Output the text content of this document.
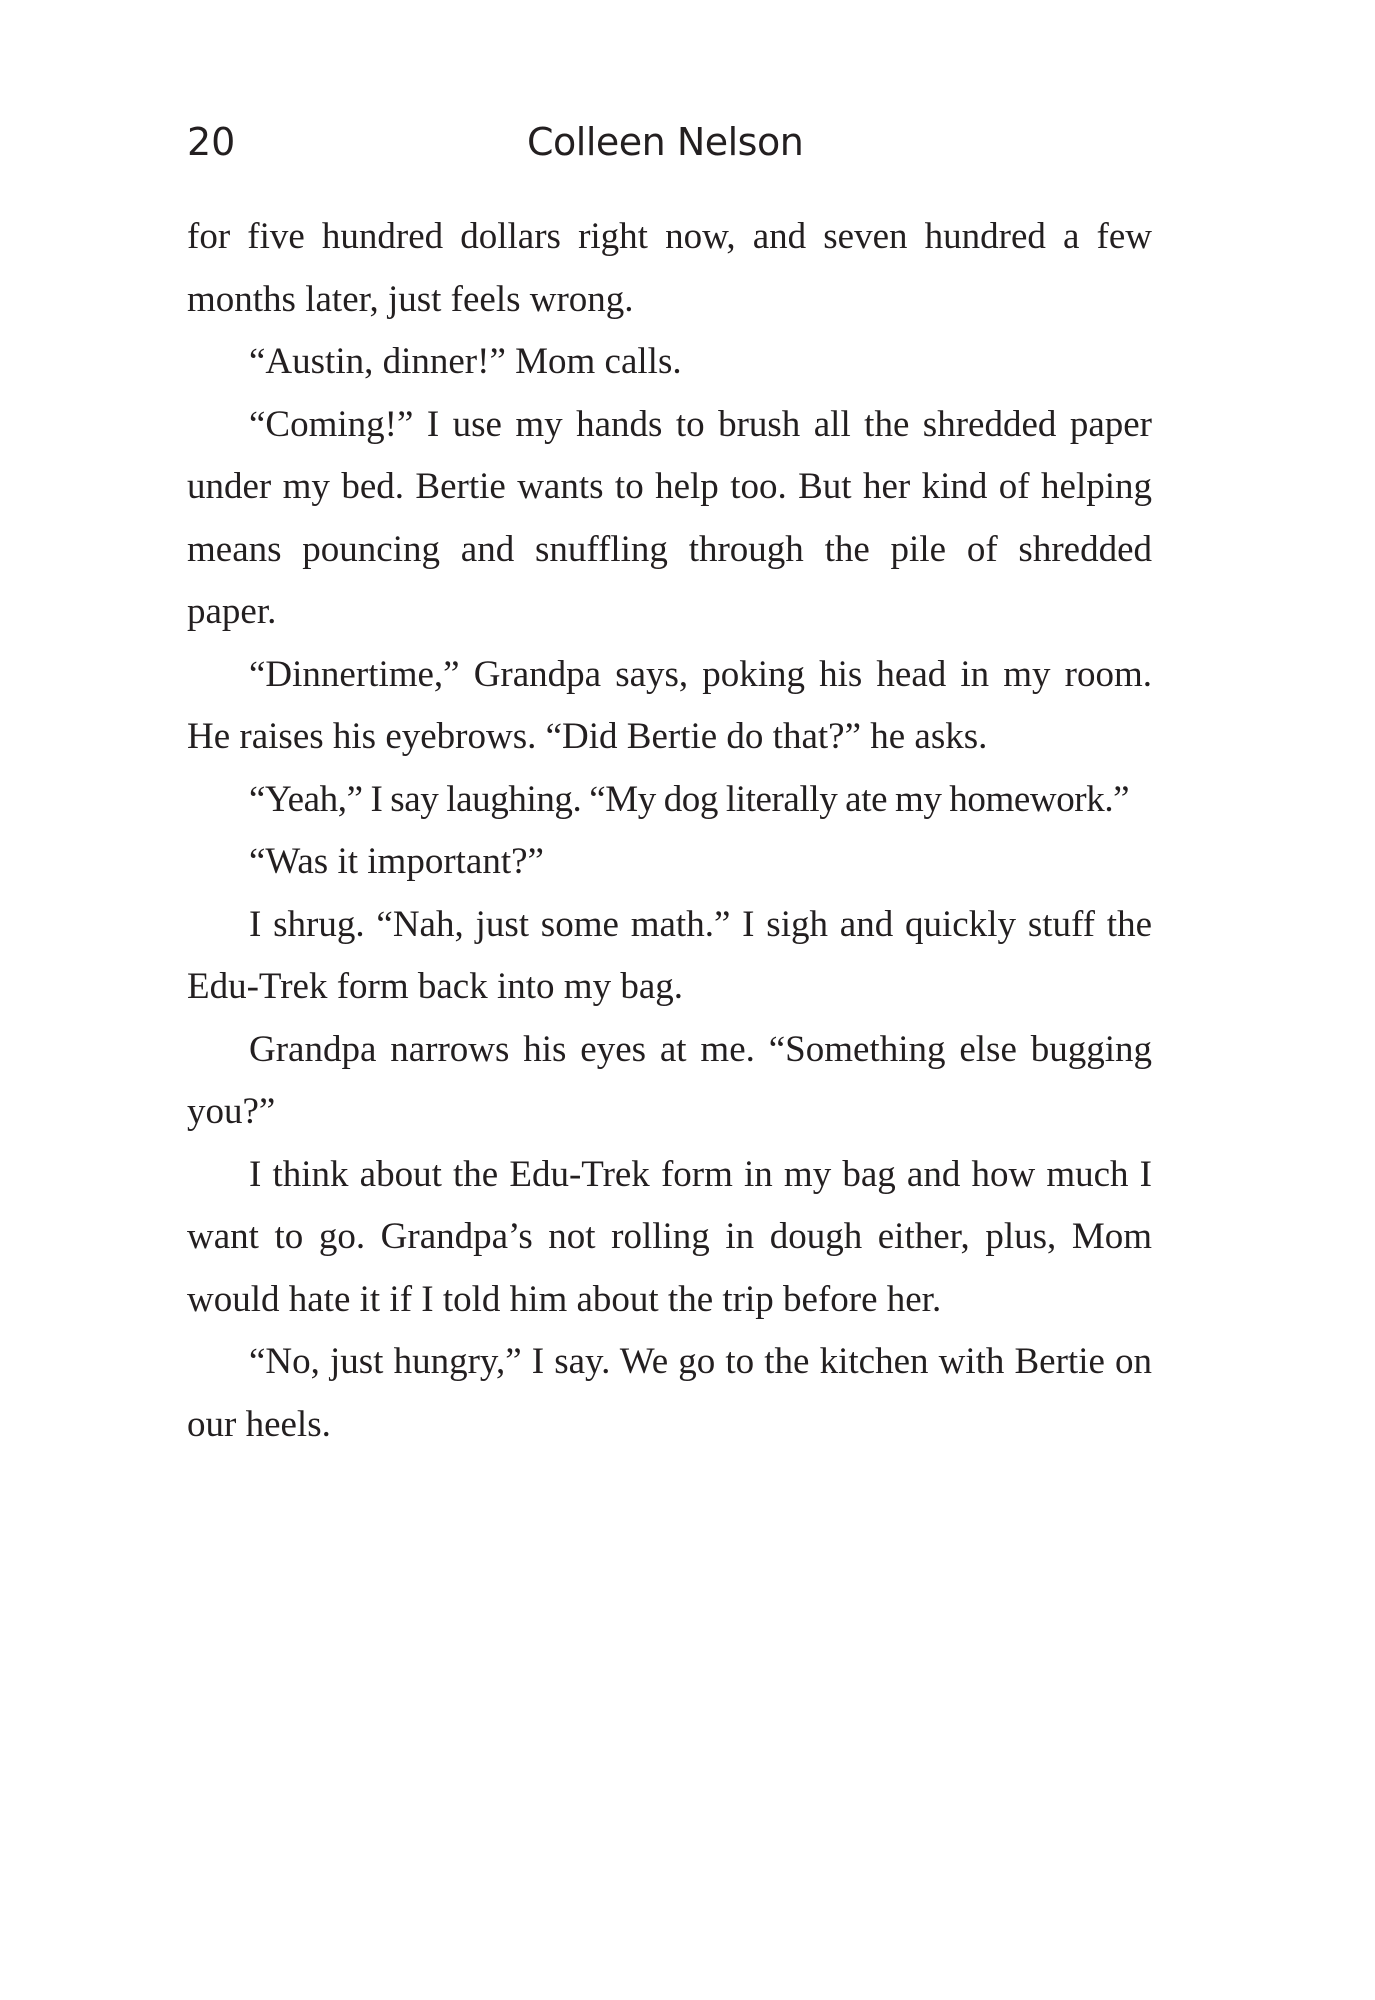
20	Colleen Nelson

for five hundred dollars right now, and seven hundred a few months later, just feels wrong.

“Austin, dinner!” Mom calls.

“Coming!” I use my hands to brush all the shredded paper under my bed. Bertie wants to help too. But her kind of helping means pouncing and snuffling through the pile of shredded paper.

“Dinnertime,” Grandpa says, poking his head in my room. He raises his eyebrows. “Did Bertie do that?” he asks.

“Yeah,” I say laughing. “My dog literally ate my homework.”

“Was it important?”

I shrug. “Nah, just some math.” I sigh and quickly stuff the Edu-Trek form back into my bag.

Grandpa narrows his eyes at me. “Something else bugging you?”

I think about the Edu-Trek form in my bag and how much I want to go. Grandpa’s not rolling in dough either, plus, Mom would hate it if I told him about the trip before her.

“No, just hungry,” I say. We go to the kitchen with Bertie on our heels.
